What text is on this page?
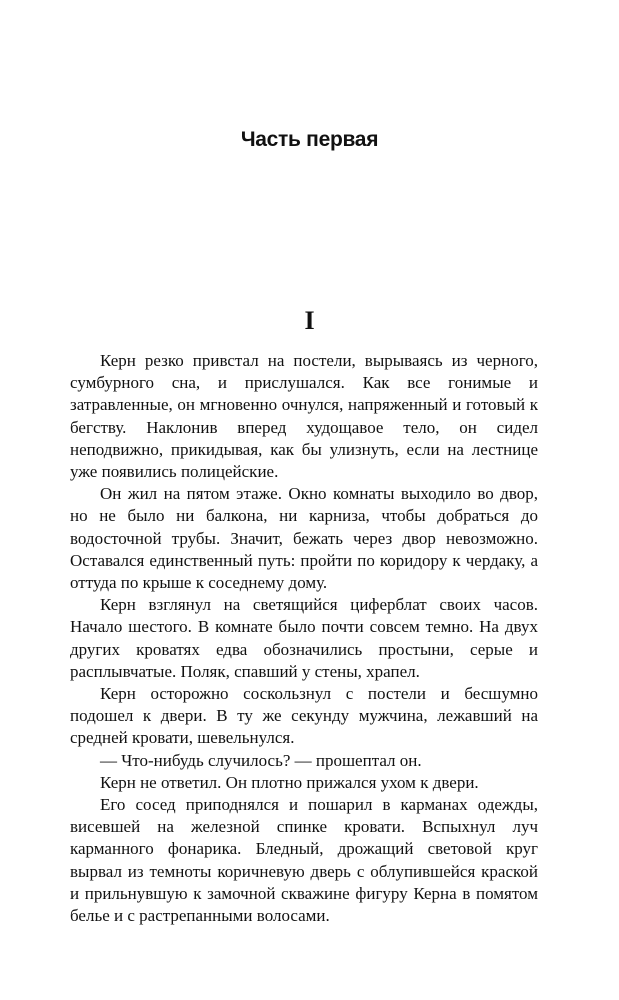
Часть первая
I

Керн резко привстал на постели, вырываясь из черного, сумбурного сна, и прислушался. Как все гонимые и затравленные, он мгновенно очнулся, напряженный и готовый к бегству. Наклонив вперед худощавое тело, он сидел неподвижно, прикидывая, как бы улизнуть, если на лестнице уже появились полицейские.

Он жил на пятом этаже. Окно комнаты выходило во двор, но не было ни балкона, ни карниза, чтобы добраться до водосточной трубы. Значит, бежать через двор невозможно. Оставался единственный путь: пройти по коридору к чердаку, а оттуда по крыше к соседнему дому.

Керн взглянул на светящийся циферблат своих часов. Начало шестого. В комнате было почти совсем темно. На двух других кроватях едва обозначились простыни, серые и расплывчатые. Поляк, спавший у стены, храпел.

Керн осторожно соскользнул с постели и бесшумно подошел к двери. В ту же секунду мужчина, лежавший на средней кровати, шевельнулся.

— Что-нибудь случилось? — прошептал он.

Керн не ответил. Он плотно прижался ухом к двери.

Его сосед приподнялся и пошарил в карманах одежды, висевшей на железной спинке кровати. Вспыхнул луч карманного фонарика. Бледный, дрожащий световой круг вырвал из темноты коричневую дверь с облупившейся краской и прильнувшую к замочной скважине фигуру Керна в помятом белье и с растрепанными волосами.
